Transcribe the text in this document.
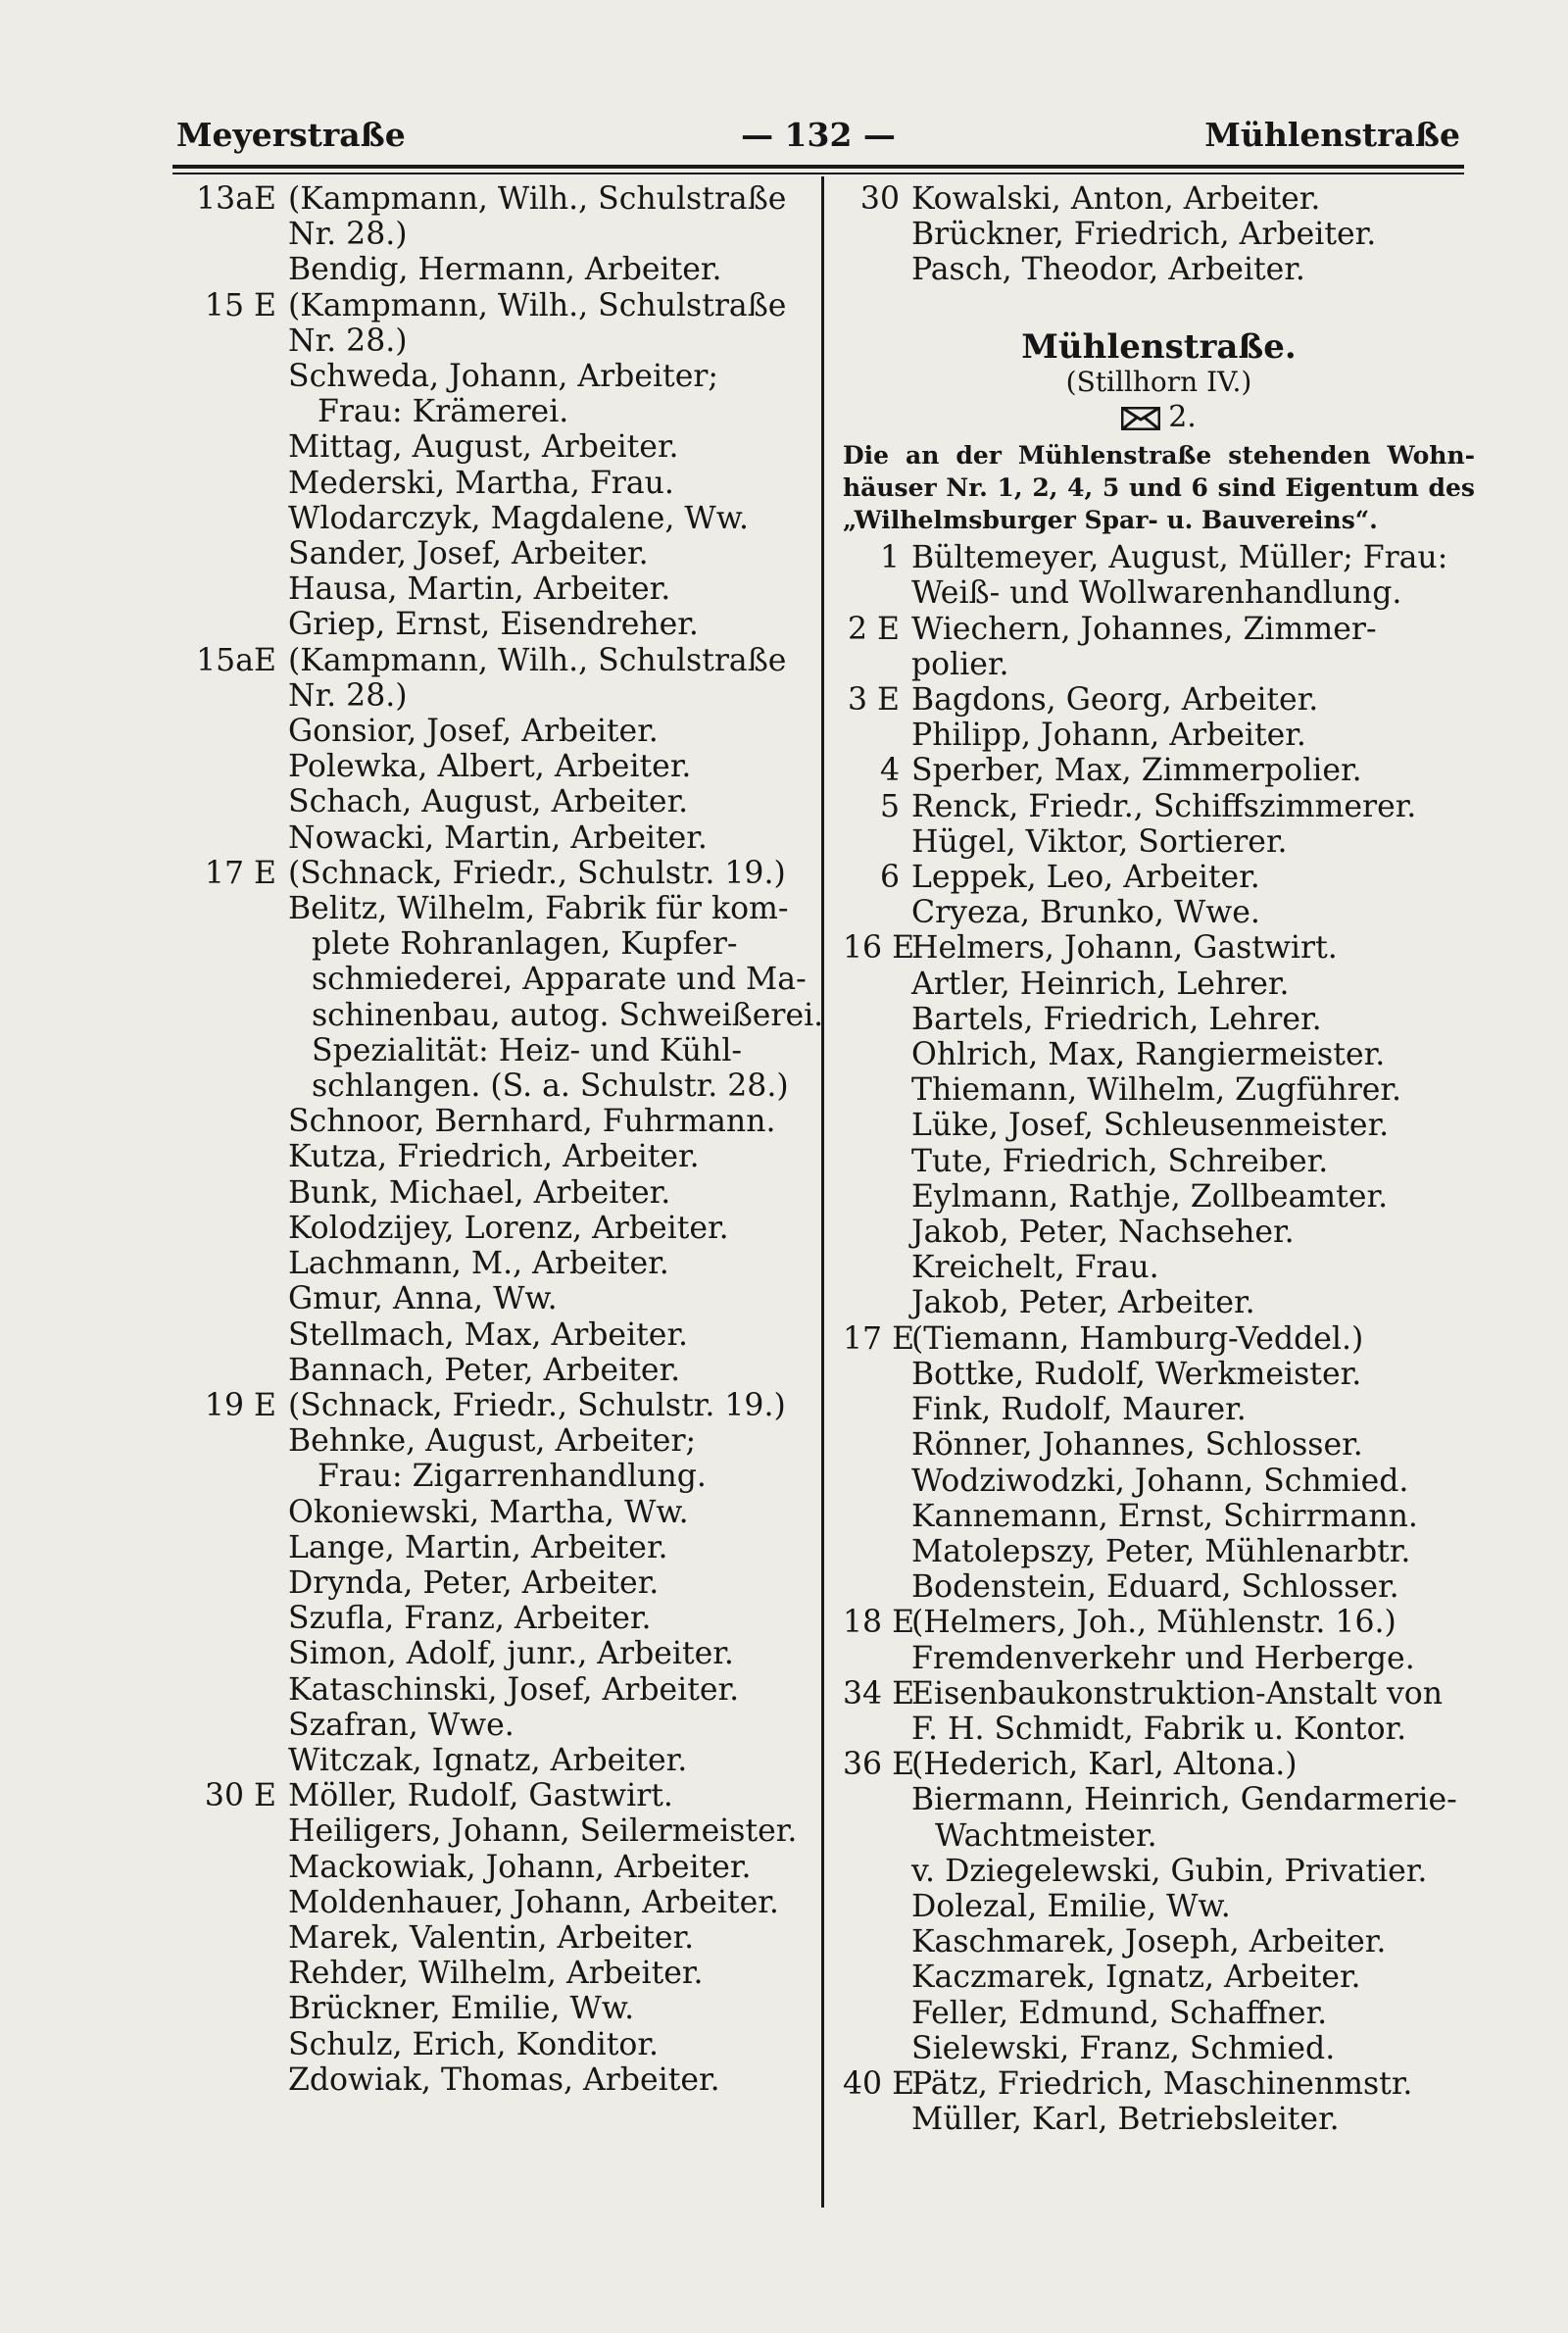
Meyerstraße	— 132 —	Mühlenstraße
13aE (Kampmann, Wilh., Schulstraße
Nr. 28.)
Bendig, Hermann, Arbeiter.
15 E (Kampmann, Wilh., Schulstraße
Nr. 28.)
Schweda, Johann, Arbeiter;
Frau: Krämerei.
Mittag, August, Arbeiter.
Mederski, Martha, Frau.
Wlodarczyk, Magdalene, Ww.
Sander, Josef, Arbeiter.
Hausa, Martin, Arbeiter.
Griep, Ernst, Eisendreher.
15aE (Kampmann, Wilh., Schulstraße
Nr. 28.)
Gonsior, Josef, Arbeiter.
Polewka, Albert, Arbeiter.
Schach, August, Arbeiter.
Nowacki, Martin, Arbeiter.
17 E (Schnack, Friedr., Schulstr. 19.)
Belitz, Wilhelm, Fabrik für kom-
plete Rohranlagen, Kupfer-
schmiederei, Apparate und Ma-
schinenbau, autog. Schweißerei.
Spezialität: Heiz- und Kühl-
schlangen. (S. a. Schulstr. 28.)
Schnoor, Bernhard, Fuhrmann.
Kutza, Friedrich, Arbeiter.
Bunk, Michael, Arbeiter.
Kolodzijey, Lorenz, Arbeiter.
Lachmann, M., Arbeiter.
Gmur, Anna, Ww.
Stellmach, Max, Arbeiter.
Bannach, Peter, Arbeiter.
19 E (Schnack, Friedr., Schulstr. 19.)
Behnke, August, Arbeiter;
Frau: Zigarrenhandlung.
Okoniewski, Martha, Ww.
Lange, Martin, Arbeiter.
Drynda, Peter, Arbeiter.
Szufla, Franz, Arbeiter.
Simon, Adolf, junr., Arbeiter.
Kataschinski, Josef, Arbeiter.
Szafran, Wwe.
Witczak, Ignatz, Arbeiter.
30 E Möller, Rudolf, Gastwirt.
Heiligers, Johann, Seilermeister.
Mackowiak, Johann, Arbeiter.
Moldenhauer, Johann, Arbeiter.
Marek, Valentin, Arbeiter.
Rehder, Wilhelm, Arbeiter.
Brückner, Emilie, Ww.
Schulz, Erich, Konditor.
Zdowiak, Thomas, Arbeiter.
30 Kowalski, Anton, Arbeiter.
Brückner, Friedrich, Arbeiter.
Pasch, Theodor, Arbeiter.
Mühlenstraße.
(Stillhorn IV.)
2.
Die an der Mühlenstraße stehenden Wohn- häuser Nr. 1, 2, 4, 5 und 6 sind Eigentum des „Wilhelmsburger Spar- u. Bauvereins“.
1 Bültemeyer, August, Müller; Frau:
Weiß- und Wollwarenhandlung.
2 E Wiechern, Johannes, Zimmer-
polier.
3 E Bagdons, Georg, Arbeiter.
Philipp, Johann, Arbeiter.
4 Sperber, Max, Zimmerpolier.
5 Renck, Friedr., Schiffszimmerer.
Hügel, Viktor, Sortierer.
6 Leppek, Leo, Arbeiter.
Cryeza, Brunko, Wwe.
16 E
Helmers, Johann, Gastwirt.
Artler, Heinrich, Lehrer.
Bartels, Friedrich, Lehrer.
Ohlrich, Max, Rangiermeister.
Thiemann, Wilhelm, Zugführer.
Lüke, Josef, Schleusenmeister.
Tute, Friedrich, Schreiber.
Eylmann, Rathje, Zollbeamter.
Jakob, Peter, Nachseher.
Kreichelt, Frau.
Jakob, Peter, Arbeiter.
17 E
(Tiemann, Hamburg-Veddel.)
Bottke, Rudolf, Werkmeister.
Fink, Rudolf, Maurer.
Rönner, Johannes, Schlosser.
Wodziwodzki, Johann, Schmied.
Kannemann, Ernst, Schirrmann.
Matolepszy, Peter, Mühlenarbtr.
Bodenstein, Eduard, Schlosser.
18 E
(Helmers, Joh., Mühlenstr. 16.)
Fremdenverkehr und Herberge.
34 E
Eisenbaukonstruktion-Anstalt von
F. H. Schmidt, Fabrik u. Kontor.
36 E
(Hederich, Karl, Altona.)
Biermann, Heinrich, Gendarmerie-
Wachtmeister.
v. Dziegelewski, Gubin, Privatier.
Dolezal, Emilie, Ww.
Kaschmarek, Joseph, Arbeiter.
Kaczmarek, Ignatz, Arbeiter.
Feller, Edmund, Schaffner.
Sielewski, Franz, Schmied.
40 E
Pätz, Friedrich, Maschinenmstr.
Müller, Karl, Betriebsleiter.
